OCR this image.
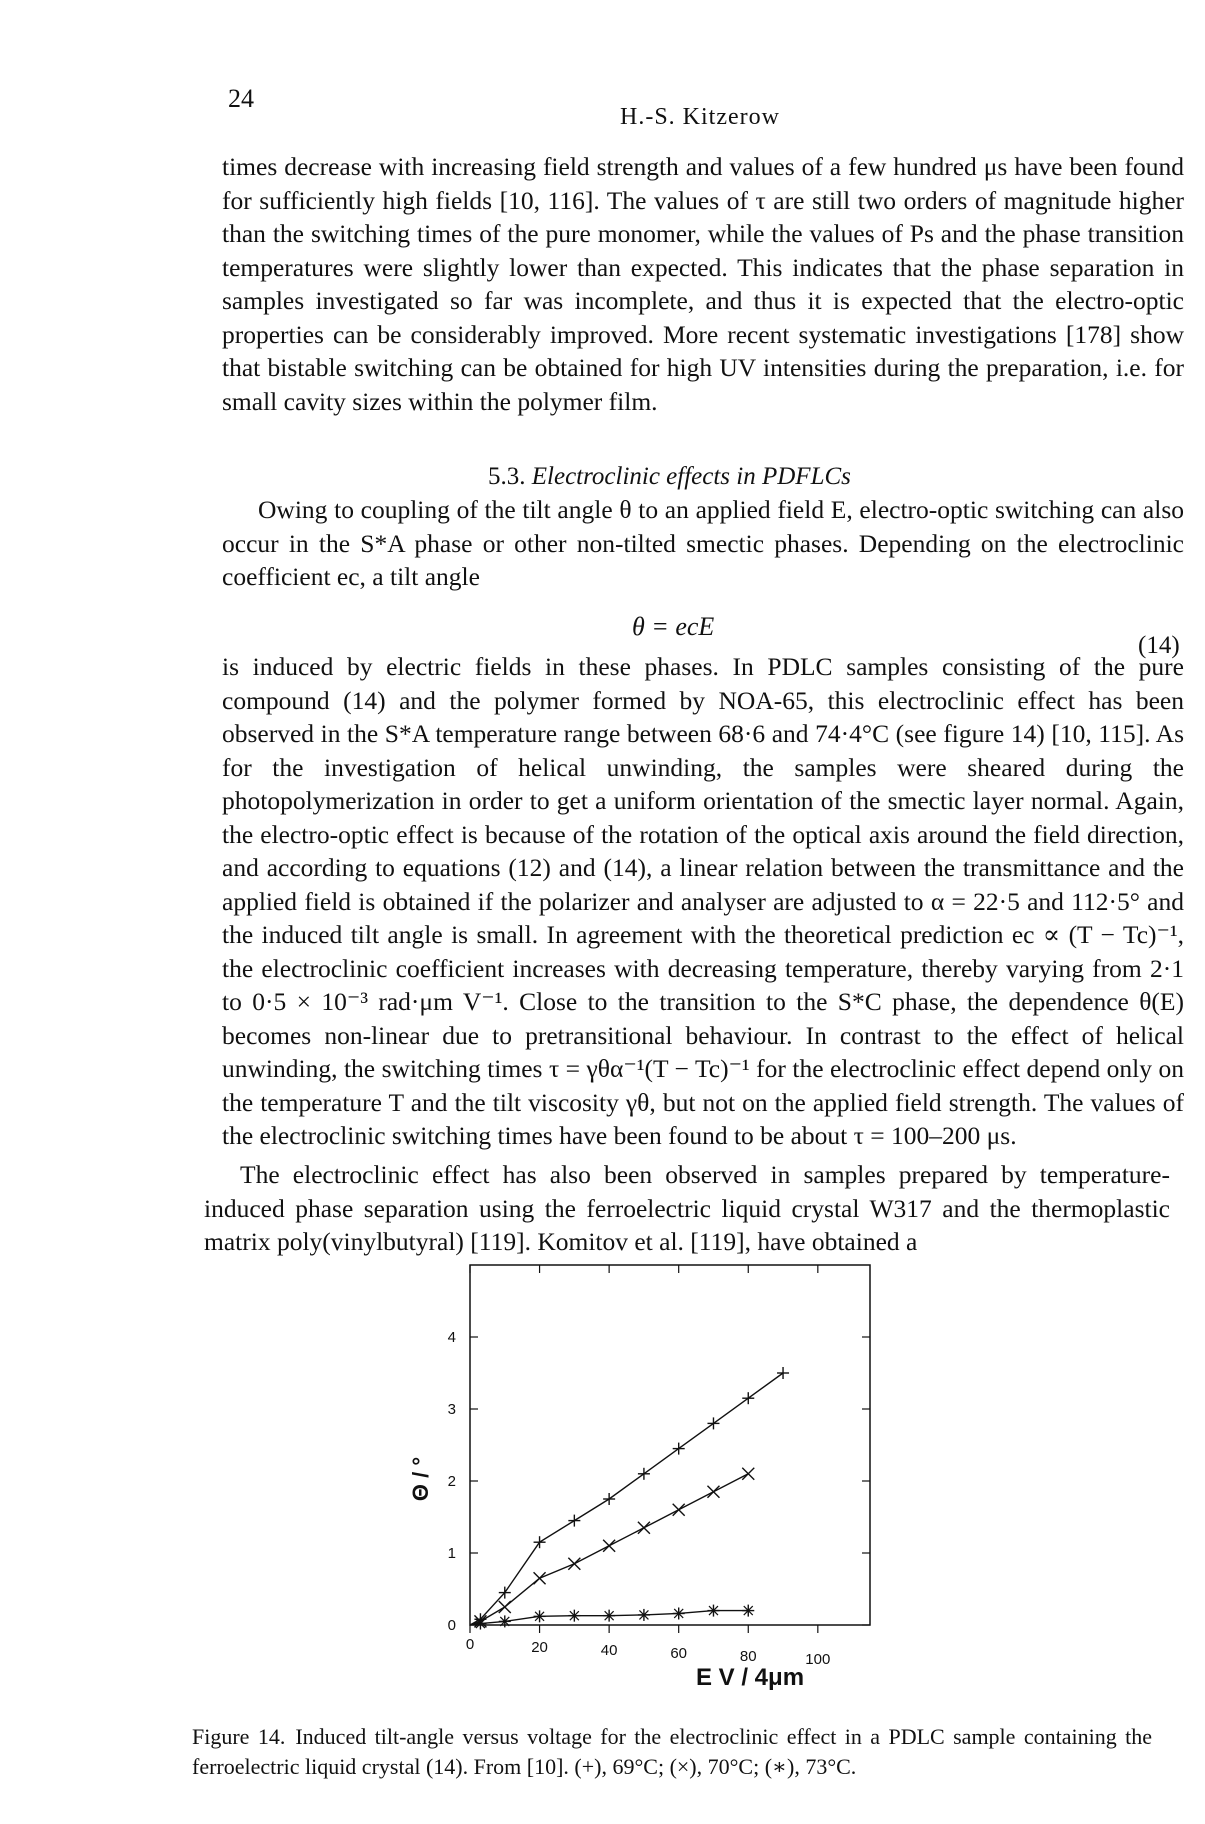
24
H.-S. Kitzerow

times decrease with increasing field strength and values of a few hundred μs have been found for sufficiently high fields [10, 116]. The values of τ are still two orders of magnitude higher than the switching times of the pure monomer, while the values of Ps and the phase transition temperatures were slightly lower than expected. This indicates that the phase separation in samples investigated so far was incomplete, and thus it is expected that the electro-optic properties can be considerably improved. More recent systematic investigations [178] show that bistable switching can be obtained for high UV intensities during the preparation, i.e. for small cavity sizes within the polymer film.

5.3. Electroclinic effects in PDFLCs

Owing to coupling of the tilt angle θ to an applied field E, electro-optic switching can also occur in the S*A phase or other non-tilted smectic phases. Depending on the electroclinic coefficient ec, a tilt angle

θ = ecE
(14)

is induced by electric fields in these phases. In PDLC samples consisting of the pure compound (14) and the polymer formed by NOA-65, this electroclinic effect has been observed in the S*A temperature range between 68·6 and 74·4°C (see figure 14) [10, 115]. As for the investigation of helical unwinding, the samples were sheared during the photopolymerization in order to get a uniform orientation of the smectic layer normal. Again, the electro-optic effect is because of the rotation of the optical axis around the field direction, and according to equations (12) and (14), a linear relation between the transmittance and the applied field is obtained if the polarizer and analyser are adjusted to α = 22·5 and 112·5° and the induced tilt angle is small. In agreement with the theoretical prediction ec ∝ (T − Tc)⁻¹, the electroclinic coefficient increases with decreasing temperature, thereby varying from 2·1 to 0·5 × 10⁻³ rad·μm V⁻¹. Close to the transition to the S*C phase, the dependence θ(E) becomes non-linear due to pretransitional behaviour. In contrast to the effect of helical unwinding, the switching times τ = γθα⁻¹(T − Tc)⁻¹ for the electroclinic effect depend only on the temperature T and the tilt viscosity γθ, but not on the applied field strength. The values of the electroclinic switching times have been found to be about τ = 100–200 μs.

The electroclinic effect has also been observed in samples prepared by temperature-induced phase separation using the ferroelectric liquid crystal W317 and the thermoplastic matrix poly(vinylbutyral) [119]. Komitov et al. [119], have obtained a

0	20	40	60	80	100
0
1
2
3
4
E V / 4μm
Θ / °

Figure 14. Induced tilt-angle versus voltage for the electroclinic effect in a PDLC sample containing the ferroelectric liquid crystal (14). From [10]. (+), 69°C; (×), 70°C; (∗), 73°C.
